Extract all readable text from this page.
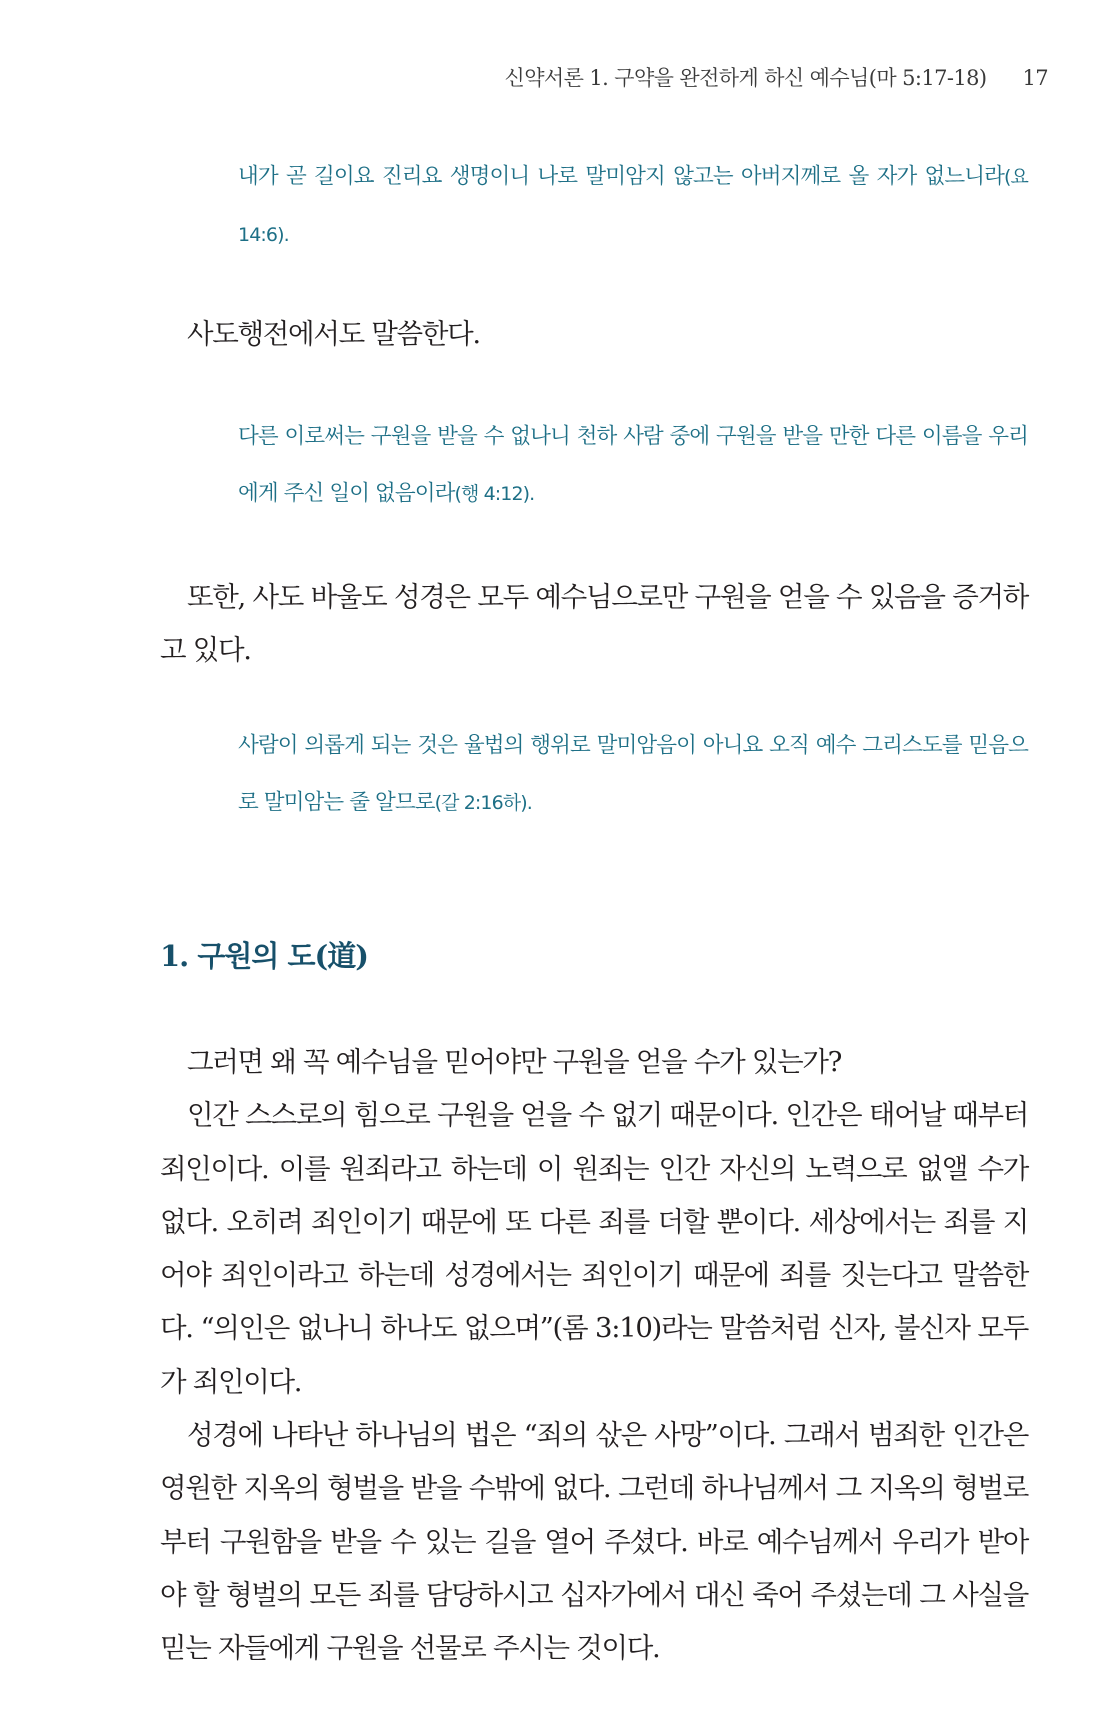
신약서론 1. 구약을 완전하게 하신 예수님(마 5:17-18) 17
내가 곧 길이요 진리요 생명이니 나로 말미암지 않고는 아버지께로 올 자가 없느니라(요 14:6).
사도행전에서도 말씀한다.
다른 이로써는 구원을 받을 수 없나니 천하 사람 중에 구원을 받을 만한 다른 이름을 우리에게 주신 일이 없음이라(행 4:12).
또한, 사도 바울도 성경은 모두 예수님으로만 구원을 얻을 수 있음을 증거하고 있다.
사람이 의롭게 되는 것은 율법의 행위로 말미암음이 아니요 오직 예수 그리스도를 믿음으로 말미암는 줄 알므로(갈 2:16하).
1. 구원의 도(道)
그러면 왜 꼭 예수님을 믿어야만 구원을 얻을 수가 있는가?
인간 스스로의 힘으로 구원을 얻을 수 없기 때문이다. 인간은 태어날 때부터 죄인이다. 이를 원죄라고 하는데 이 원죄는 인간 자신의 노력으로 없앨 수가 없다. 오히려 죄인이기 때문에 또 다른 죄를 더할 뿐이다. 세상에서는 죄를 지어야 죄인이라고 하는데 성경에서는 죄인이기 때문에 죄를 짓는다고 말씀한다. “의인은 없나니 하나도 없으며”(롬 3:10)라는 말씀처럼 신자, 불신자 모두가 죄인이다.
성경에 나타난 하나님의 법은 “죄의 삯은 사망”이다. 그래서 범죄한 인간은 영원한 지옥의 형벌을 받을 수밖에 없다. 그런데 하나님께서 그 지옥의 형벌로부터 구원함을 받을 수 있는 길을 열어 주셨다. 바로 예수님께서 우리가 받아야 할 형벌의 모든 죄를 담당하시고 십자가에서 대신 죽어 주셨는데 그 사실을 믿는 자들에게 구원을 선물로 주시는 것이다.
